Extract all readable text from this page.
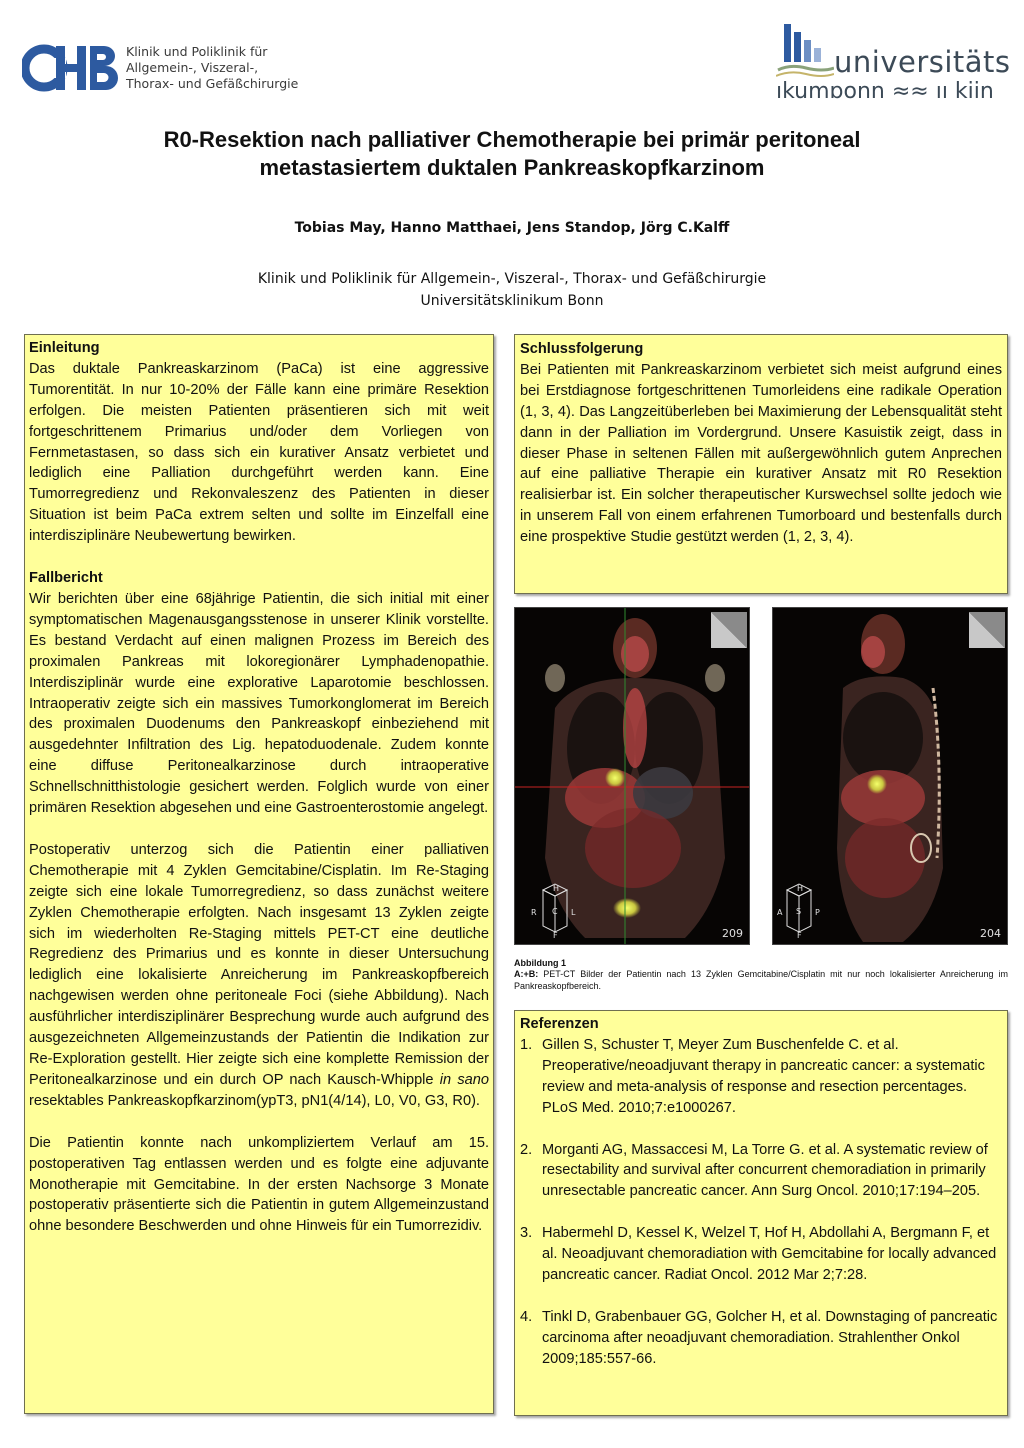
Klinik und Poliklinik für
Allgemein-, Viszeral-,
Thorax- und Gefäßchirurgie
universitäts
ıkumɒonn ≈≈ ıı kiin
R0-Resektion nach palliativer Chemotherapie bei primär peritoneal
metastasiertem duktalen Pankreaskopfkarzinom
Tobias May, Hanno Matthaei, Jens Standop, Jörg C.Kalff
Klinik und Poliklinik für Allgemein-, Viszeral-, Thorax- und Gefäßchirurgie
Universitätsklinikum Bonn
Einleitung
Das duktale Pankreaskarzinom (PaCa) ist eine aggressive Tumorentität. In nur 10-20% der Fälle kann eine primäre Resektion erfolgen. Die meisten Patienten präsentieren sich mit weit fortgeschrittenem Primarius und/oder dem Vorliegen von Fernmetastasen, so dass sich ein kurativer Ansatz verbietet und lediglich eine Palliation durchgeführt werden kann. Eine Tumorregredienz und Rekonvaleszenz des Patienten in dieser Situation ist beim PaCa extrem selten und sollte im Einzelfall eine interdisziplinäre Neubewertung bewirken.
Fallbericht
Wir berichten über eine 68jährige Patientin, die sich initial mit einer symptomatischen Magenausgangsstenose in unserer Klinik vorstellte. Es bestand Verdacht auf einen malignen Prozess im Bereich des proximalen Pankreas mit lokoregionärer Lymphadenopathie. Interdisziplinär wurde eine explorative Laparotomie beschlossen. Intraoperativ zeigte sich ein massives Tumorkonglomerat im Bereich des proximalen Duodenums den Pankreaskopf einbeziehend mit ausgedehnter Infiltration des Lig. hepatoduodenale. Zudem konnte eine diffuse Peritonealkarzinose durch intraoperative Schnellschnitthistologie gesichert werden. Folglich wurde von einer primären Resektion abgesehen und eine Gastroenterostomie angelegt.
Postoperativ unterzog sich die Patientin einer palliativen Chemotherapie mit 4 Zyklen Gemcitabine/Cisplatin. Im Re-Staging zeigte sich eine lokale Tumorregredienz, so dass zunächst weitere Zyklen Chemotherapie erfolgten. Nach insgesamt 13 Zyklen zeigte sich im wiederholten Re-Staging mittels PET-CT eine deutliche Regredienz des Primarius und es konnte in dieser Untersuchung lediglich eine lokalisierte Anreicherung im Pankreaskopfbereich nachgewisen werden ohne peritoneale Foci (siehe Abbildung). Nach ausführlicher interdisziplinärer Besprechung wurde auch aufgrund des ausgezeichneten Allgemeinzustands der Patientin die Indikation zur Re-Exploration gestellt. Hier zeigte sich eine komplette Remission der Peritonealkarzinose und ein durch OP nach Kausch-Whipple in sano resektables Pankreaskopfkarzinom(ypT3, pN1(4/14), L0, V0, G3, R0).
Die Patientin konnte nach unkompliziertem Verlauf am 15. postoperativen Tag entlassen werden und es folgte eine adjuvante Monotherapie mit Gemcitabine. In der ersten Nachsorge 3 Monate postoperativ präsentierte sich die Patientin in gutem Allgemeinzustand ohne besondere Beschwerden und ohne Hinweis für ein Tumorrezidiv.
Schlussfolgerung
Bei Patienten mit Pankreaskarzinom verbietet sich meist aufgrund eines bei Erstdiagnose fortgeschrittenen Tumorleidens eine radikale Operation (1, 3, 4). Das Langzeitüberleben bei Maximierung der Lebensqualität steht dann in der Palliation im Vordergrund. Unsere Kasuistik zeigt, dass in dieser Phase in seltenen Fällen mit außergewöhnlich gutem Anprechen auf eine palliative Therapie ein kurativer Ansatz mit R0 Resektion realisierbar ist. Ein solcher therapeutischer Kurswechsel sollte jedoch wie in unserem Fall von einem erfahrenen Tumorboard und bestenfalls durch eine prospektive Studie gestützt werden (1, 2, 3, 4).
H
R C L
F	209
H
A S P
F	204
Abbildung 1
A:+B: PET-CT Bilder der Patientin nach 13 Zyklen Gemcitabine/Cisplatin mit nur noch lokalisierter Anreicherung im Pankreaskopfbereich.
Referenzen
1. Gillen S, Schuster T, Meyer Zum Buschenfelde C. et al. Preoperative/neoadjuvant therapy in pancreatic cancer: a systematic review and meta-analysis of response and resection percentages. PLoS Med. 2010;7:e1000267.
2. Morganti AG, Massaccesi M, La Torre G. et al. A systematic review of resectability and survival after concurrent chemoradiation in primarily unresectable pancreatic cancer. Ann Surg Oncol. 2010;17:194–205.
3. Habermehl D, Kessel K, Welzel T, Hof H, Abdollahi A, Bergmann F, et al. Neoadjuvant chemoradiation with Gemcitabine for locally advanced pancreatic cancer. Radiat Oncol. 2012 Mar 2;7:28.
4. Tinkl D, Grabenbauer GG, Golcher H, et al. Downstaging of pancreatic carcinoma after neoadjuvant chemoradiation. Strahlenther Onkol 2009;185:557-66.
